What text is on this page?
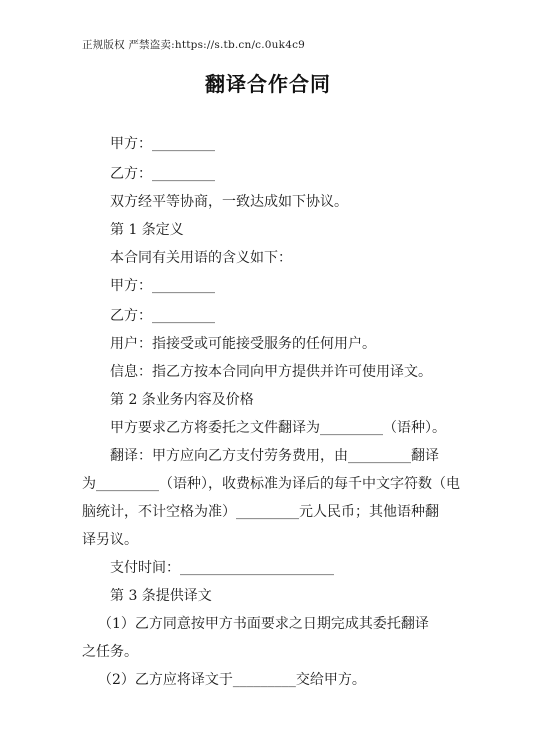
正规版权 严禁盗卖:https://s.tb.cn/c.0uk4c9
翻译合作合同
甲方：_________
乙方：_________
双方经平等协商，一致达成如下协议。
第 1 条定义
本合同有关用语的含义如下：
甲方：_________
乙方：_________
用户：指接受或可能接受服务的任何用户。
信息：指乙方按本合同向甲方提供并许可使用译文。
第 2 条业务内容及价格
甲方要求乙方将委托之文件翻译为_________（语种）。
翻译：甲方应向乙方支付劳务费用，由_________翻译
为_________（语种），收费标准为译后的每千中文字符数（电
脑统计，不计空格为准）_________元人民币；其他语种翻
译另议。
支付时间：______________________
第 3 条提供译文
（1）乙方同意按甲方书面要求之日期完成其委托翻译
之任务。
（2）乙方应将译文于_________交给甲方。
